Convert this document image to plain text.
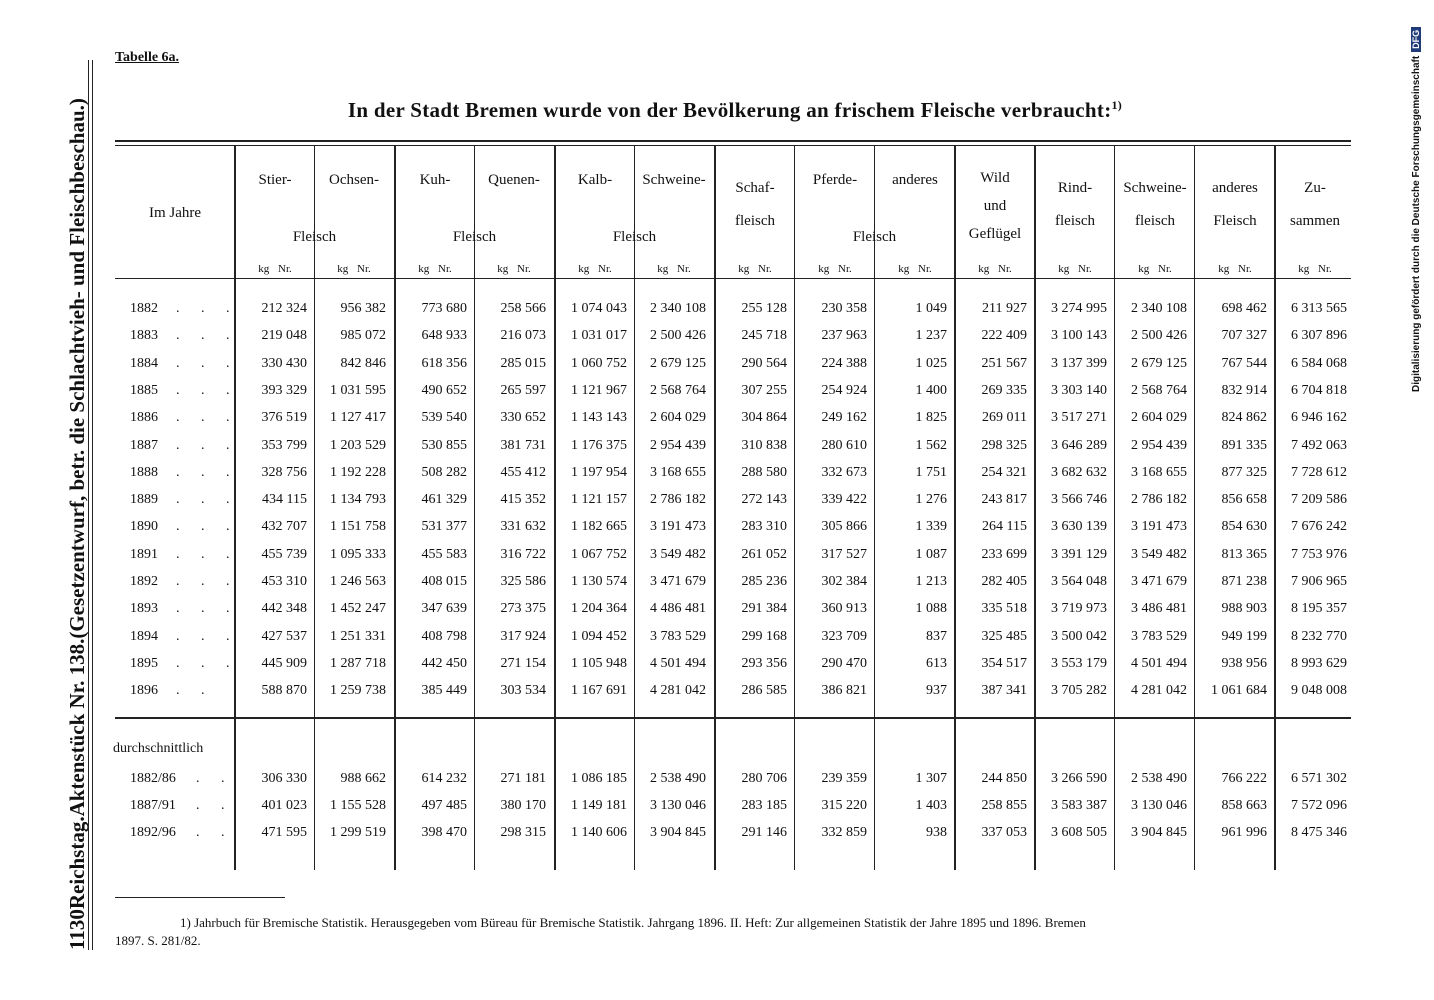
1130
Reichstag.
Aktenstück Nr. 138.
(Gesetzentwurf, betr. die Schlachtvieh- und Fleischbeschau.)	Digitalisierung gefördert durch die Deutsche ForschungsgemeinschaftDFG
Tabelle 6a.
In der Stadt Bremen wurde von der Bevölkerung an frischem Fleische verbraucht:$^{1)}$
Im Jahre
Stier-	Ochsen-
Fleisch
Kuh-	Quenen-
Fleisch
Kalb-	Schweine-
Fleisch
Schaf-
fleisch
Pferde-	anderes
Fleisch
Wild
und
Geflügel
Rind-
fleisch
Schweine-
fleisch
anderes
Fleisch
Zu-
sammen
kg Nr.	kg Nr.	kg Nr.	kg Nr.	kg Nr.	kg Nr.	kg Nr.	kg Nr.	kg Nr.	kg Nr.	kg Nr.	kg Nr.	kg Nr.	kg Nr.
1882 . . .	212 324	956 382	773 680	258 566	1 074 043	2 340 108	255 128	230 358	1 049	211 927	3 274 995	2 340 108	698 462	6 313 565
1883 . . .	219 048	985 072	648 933	216 073	1 031 017	2 500 426	245 718	237 963	1 237	222 409	3 100 143	2 500 426	707 327	6 307 896
1884 . . .	330 430	842 846	618 356	285 015	1 060 752	2 679 125	290 564	224 388	1 025	251 567	3 137 399	2 679 125	767 544	6 584 068
1885 . . .	393 329	1 031 595	490 652	265 597	1 121 967	2 568 764	307 255	254 924	1 400	269 335	3 303 140	2 568 764	832 914	6 704 818
1886 . . .	376 519	1 127 417	539 540	330 652	1 143 143	2 604 029	304 864	249 162	1 825	269 011	3 517 271	2 604 029	824 862	6 946 162
1887 . . .	353 799	1 203 529	530 855	381 731	1 176 375	2 954 439	310 838	280 610	1 562	298 325	3 646 289	2 954 439	891 335	7 492 063
1888 . . .	328 756	1 192 228	508 282	455 412	1 197 954	3 168 655	288 580	332 673	1 751	254 321	3 682 632	3 168 655	877 325	7 728 612
1889 . . .	434 115	1 134 793	461 329	415 352	1 121 157	2 786 182	272 143	339 422	1 276	243 817	3 566 746	2 786 182	856 658	7 209 586
1890 . . .	432 707	1 151 758	531 377	331 632	1 182 665	3 191 473	283 310	305 866	1 339	264 115	3 630 139	3 191 473	854 630	7 676 242
1891 . . .	455 739	1 095 333	455 583	316 722	1 067 752	3 549 482	261 052	317 527	1 087	233 699	3 391 129	3 549 482	813 365	7 753 976
1892 . . .	453 310	1 246 563	408 015	325 586	1 130 574	3 471 679	285 236	302 384	1 213	282 405	3 564 048	3 471 679	871 238	7 906 965
1893 . . .	442 348	1 452 247	347 639	273 375	1 204 364	4 486 481	291 384	360 913	1 088	335 518	3 719 973	3 486 481	988 903	8 195 357
1894 . . .	427 537	1 251 331	408 798	317 924	1 094 452	3 783 529	299 168	323 709	837	325 485	3 500 042	3 783 529	949 199	8 232 770
1895 . . .	445 909	1 287 718	442 450	271 154	1 105 948	4 501 494	293 356	290 470	613	354 517	3 553 179	4 501 494	938 956	8 993 629
1896 . .	588 870	1 259 738	385 449	303 534	1 167 691	4 281 042	286 585	386 821	937	387 341	3 705 282	4 281 042	1 061 684	9 048 008
1882/86 . .	306 330	988 662	614 232	271 181	1 086 185	2 538 490	280 706	239 359	1 307	244 850	3 266 590	2 538 490	766 222	6 571 302
1887/91 . .	401 023	1 155 528	497 485	380 170	1 149 181	3 130 046	283 185	315 220	1 403	258 855	3 583 387	3 130 046	858 663	7 572 096
1892/96 . .	471 595	1 299 519	398 470	298 315	1 140 606	3 904 845	291 146	332 859	938	337 053	3 608 505	3 904 845	961 996	8 475 346
durchschnittlich
1) Jahrbuch für Bremische Statistik. Herausgegeben vom Büreau für Bremische Statistik. Jahrgang 1896. II. Heft: Zur allgemeinen Statistik der Jahre 1895 und 1896. Bremen
1897. S. 281/82.
